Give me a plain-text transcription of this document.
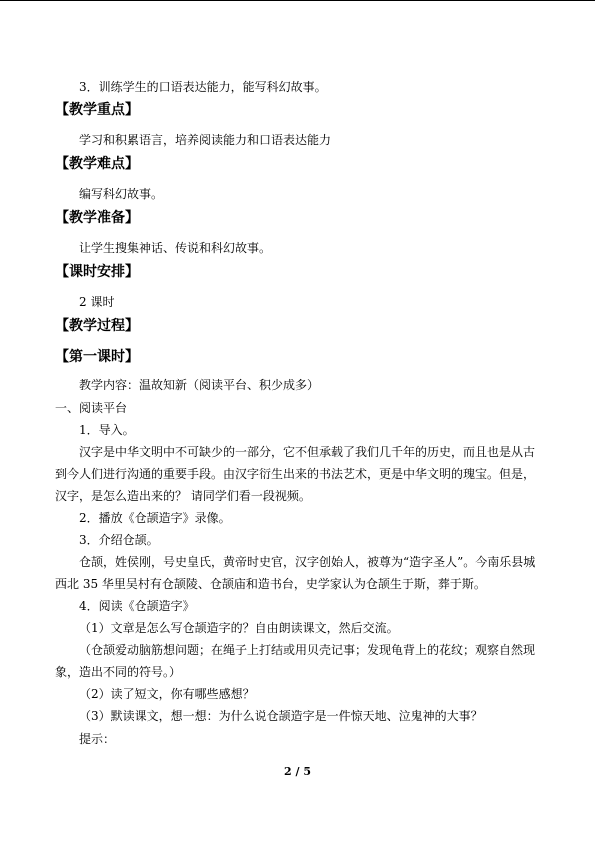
3．训练学生的口语表达能力，能写科幻故事。
【教学重点】
学习和积累语言，培养阅读能力和口语表达能力
【教学难点】
编写科幻故事。
【教学准备】
让学生搜集神话、传说和科幻故事。
【课时安排】
2 课时
【教学过程】
【第一课时】
教学内容：温故知新（阅读平台、积少成多）
一、阅读平台
1．导入。
汉字是中华文明中不可缺少的一部分，它不但承载了我们几千年的历史，而且也是从古
到今人们进行沟通的重要手段。由汉字衍生出来的书法艺术，更是中华文明的瑰宝。但是，
汉字，是怎么造出来的？ 请同学们看一段视频。
2．播放《仓颉造字》录像。
3．介绍仓颉。
仓颉，姓侯刚，号史皇氏，黄帝时史官，汉字创始人，被尊为“造字圣人”。今南乐县城
西北 35 华里吴村有仓颉陵、仓颉庙和造书台，史学家认为仓颉生于斯，葬于斯。
4．阅读《仓颉造字》
（1）文章是怎么写仓颉造字的？自由朗读课文，然后交流。
（仓颉爱动脑筋想问题；在绳子上打结或用贝壳记事；发现龟背上的花纹；观察自然现
象，造出不同的符号。）
（2）读了短文，你有哪些感想？
（3）默读课文，想一想：为什么说仓颉造字是一件惊天地、泣鬼神的大事？
提示：
2 / 5
